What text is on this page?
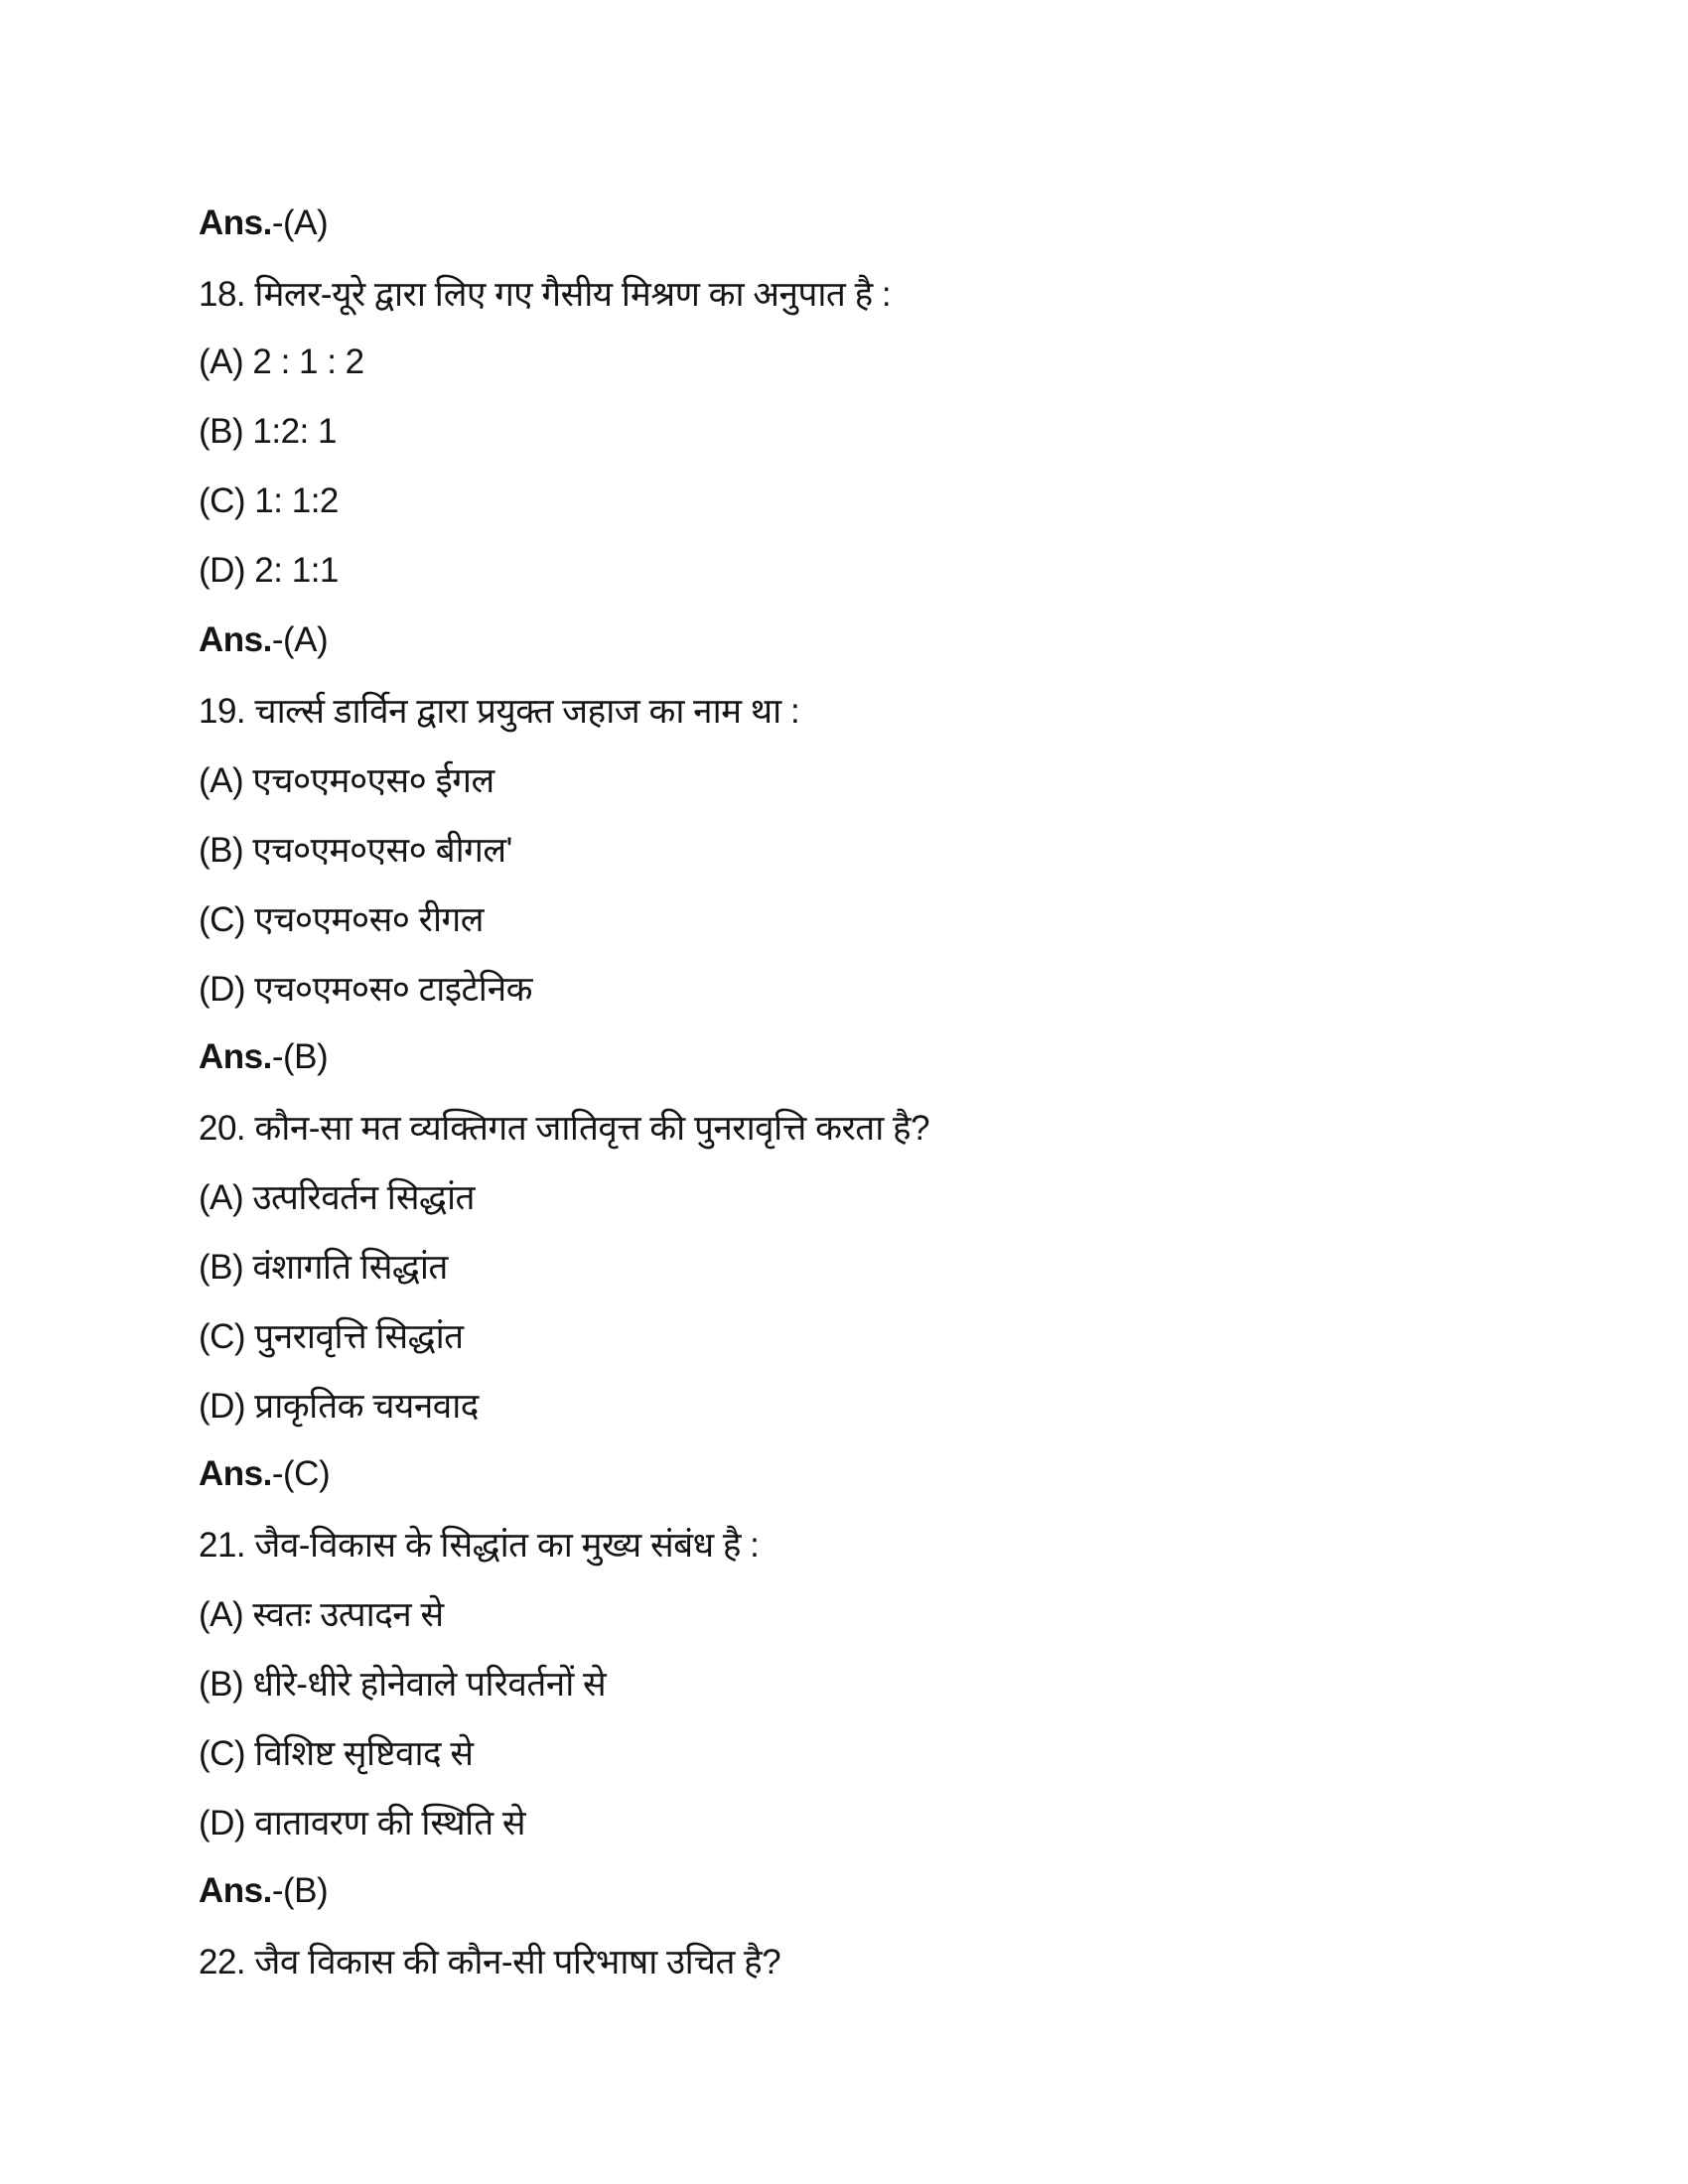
Ans. -(A)
18. मिलर-यूरे द्वारा लिए गए गैसीय मिश्रण का अनुपात है :
(A) 2 : 1 : 2
(B) 1:2: 1
(C) 1: 1:2
(D) 2: 1:1
Ans. -(A)
19. चार्ल्स डार्विन द्वारा प्रयुक्त जहाज का नाम था :
(A) एच०एम०एस० ईगल
(B) एच०एम०एस० बीगल'
(C) एच०एम०स० रीगल
(D) एच०एम०स० टाइटेनिक
Ans. -(B)
20. कौन-सा मत व्यक्तिगत जातिवृत्त की पुनरावृत्ति करता है?
(A) उत्परिवर्तन सिद्धांत
(B) वंशागति सिद्धांत
(C) पुनरावृत्ति सिद्धांत
(D) प्राकृतिक चयनवाद
Ans. -(C)
21. जैव-विकास के सिद्धांत का मुख्य संबंध है :
(A) स्वतः उत्पादन से
(B) धीरे-धीरे होनेवाले परिवर्तनों से
(C) विशिष्ट सृष्टिवाद से
(D) वातावरण की स्थिति से
Ans. -(B)
22. जैव विकास की कौन-सी परिभाषा उचित है?
